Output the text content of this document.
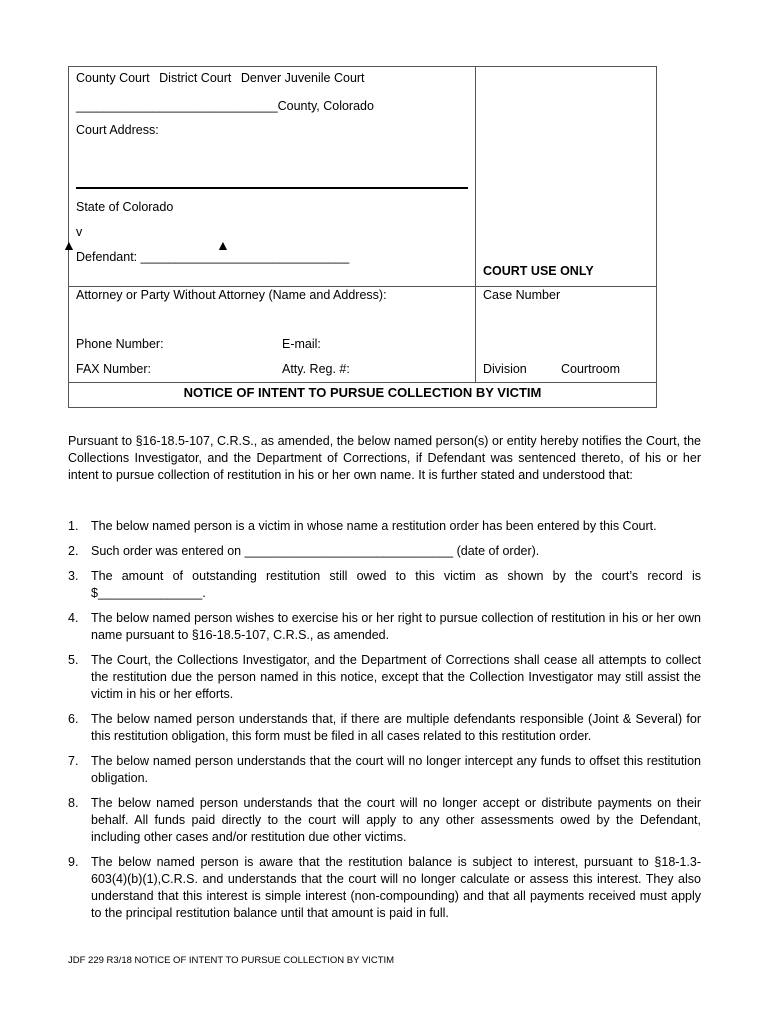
County Court District Court Denver Juvenile Court
_____________________________County, Colorado
Court Address:
State of Colorado
v
▲	▲
Defendant: ______________________________
COURT USE ONLY
Attorney or Party Without Attorney (Name and Address):	Case Number
Phone Number:	E-mail:
FAX Number:	Atty. Reg. #:	Division	Courtroom
NOTICE OF INTENT TO PURSUE COLLECTION BY VICTIM
Pursuant to §16-18.5-107, C.R.S., as amended, the below named person(s) or entity hereby notifies the Court, the Collections Investigator, and the Department of Corrections, if Defendant was sentenced thereto, of his or her intent to pursue collection of restitution in his or her own name. It is further stated and understood that:
1. The below named person is a victim in whose name a restitution order has been entered by this Court.
2. Such order was entered on ______________________________ (date of order).
3. The amount of outstanding restitution still owed to this victim as shown by the court’s record is $_______________.
4. The below named person wishes to exercise his or her right to pursue collection of restitution in his or her own name pursuant to §16-18.5-107, C.R.S., as amended.
5. The Court, the Collections Investigator, and the Department of Corrections shall cease all attempts to collect the restitution due the person named in this notice, except that the Collection Investigator may still assist the victim in his or her efforts.
6. The below named person understands that, if there are multiple defendants responsible (Joint & Several) for this restitution obligation, this form must be filed in all cases related to this restitution order.
7. The below named person understands that the court will no longer intercept any funds to offset this restitution obligation.
8. The below named person understands that the court will no longer accept or distribute payments on their behalf. All funds paid directly to the court will apply to any other assessments owed by the Defendant, including other cases and/or restitution due other victims.
9. The below named person is aware that the restitution balance is subject to interest, pursuant to §18-1.3-603(4)(b)(1),C.R.S. and understands that the court will no longer calculate or assess this interest. They also understand that this interest is simple interest (non-compounding) and that all payments received must apply to the principal restitution balance until that amount is paid in full.
JDF 229 R3/18 NOTICE OF INTENT TO PURSUE COLLECTION BY VICTIM
